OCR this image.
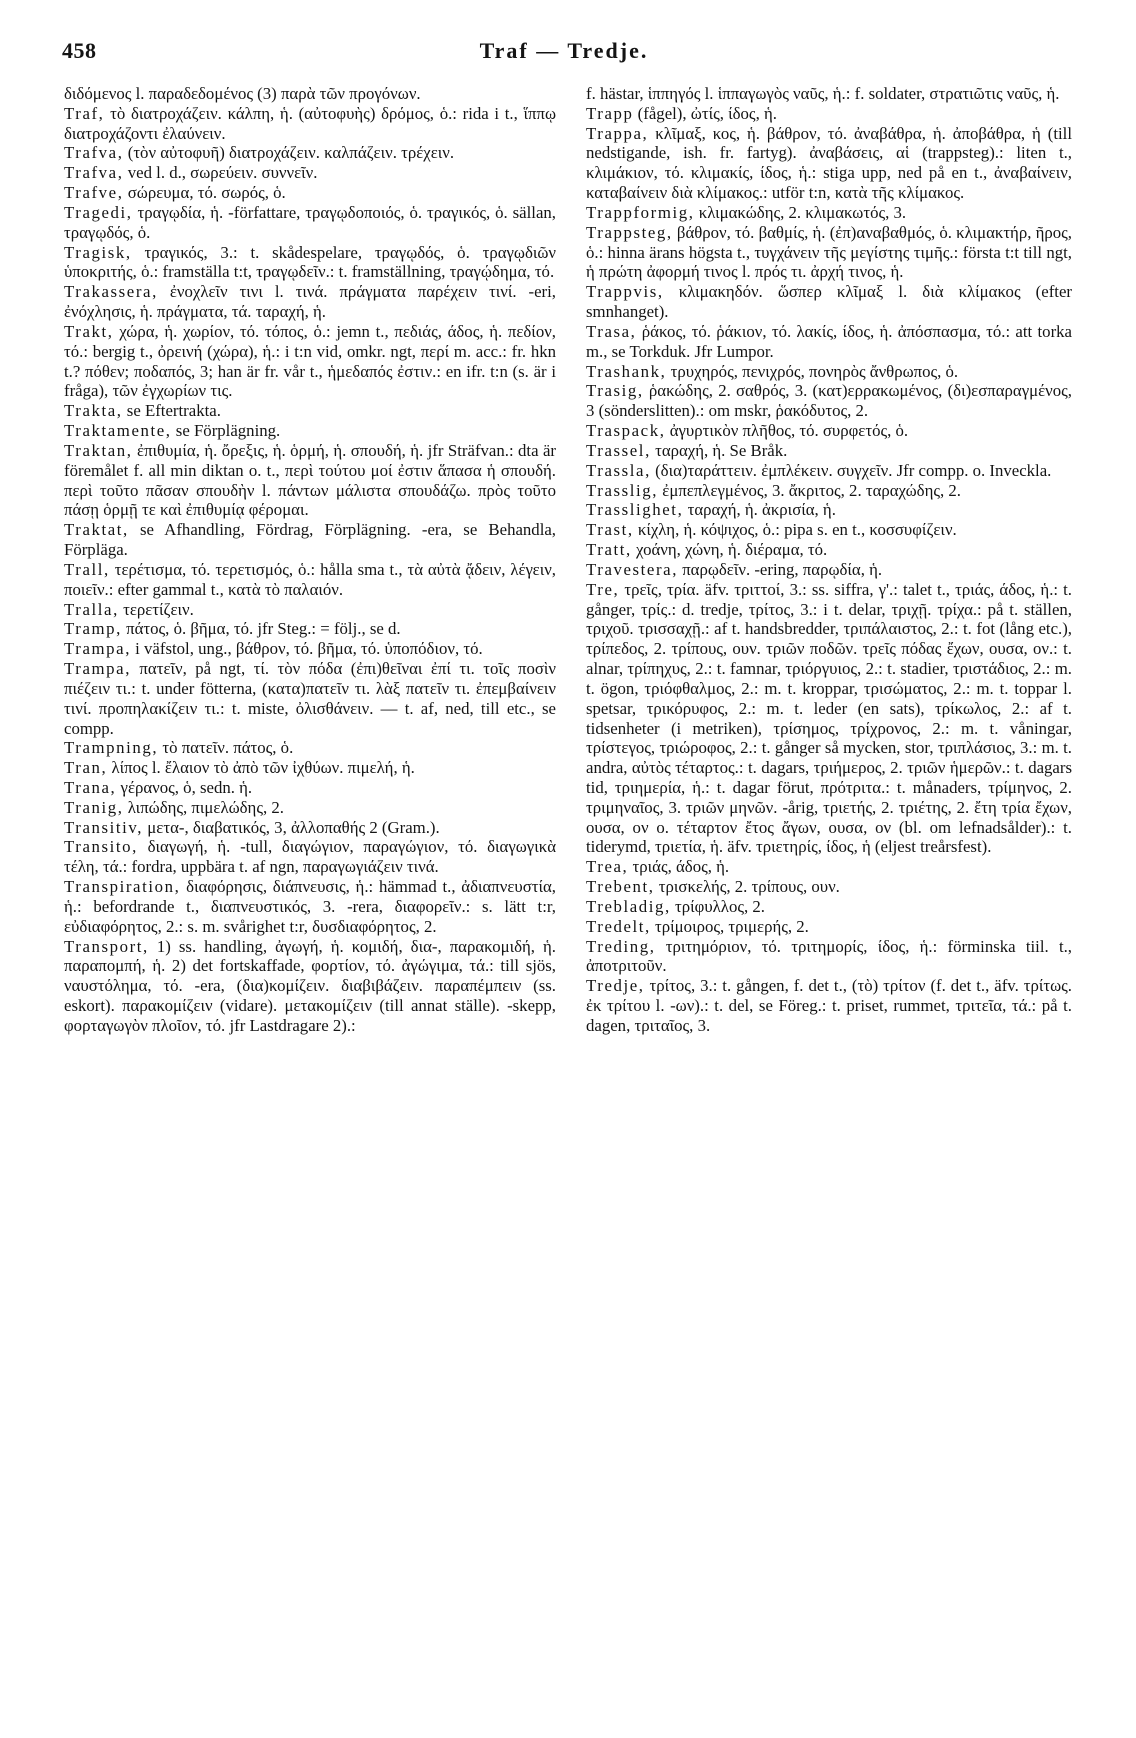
458	Traf — Tredje.

διδόμενος l. παραδεδομένος (3) παρὰ τῶν προγόνων.

Traf, τὸ διατροχάζειν. κάλπη, ἡ. (αὐτοφυὴς) δρόμος, ὁ.: rida i t., ἵππῳ διατροχάζοντι ἐλαύνειν.

Trafva, (τὸν αὐτοφυῆ) διατροχάζειν. καλπάζειν. τρέχειν.

Trafva, ved l. d., σωρεύειν. συννεῖν.

Trafve, σώρευμα, τό. σωρός, ὁ.

Tragedi, τραγῳδία, ἡ. -författare, τραγῳδοποιός, ὁ. τραγικός, ὁ. sällan, τραγῳδός, ὁ.

Tragisk, τραγικός, 3.: t. skådespelare, τραγῳδός, ὁ. τραγῳδιῶν ὑποκριτής, ὁ.: framställa t:t, τραγῳδεῖν.: t. framställning, τραγῴδημα, τό.

Trakassera, ἐνοχλεῖν τινι l. τινά. πράγματα παρέχειν τινί. -eri, ἐνόχλησις, ἡ. πράγματα, τά. ταραχή, ἡ.

Trakt, χώρα, ἡ. χωρίον, τό. τόπος, ὁ.: jemn t., πεδιάς, άδος, ἡ. πεδίον, τό.: bergig t., ὀρεινή (χώρα), ἡ.: i t:n vid, omkr. ngt, περί m. acc.: fr. hkn t.? πόθεν; ποδαπός, 3; han är fr. vår t., ἡμεδαπός ἐστιν.: en ifr. t:n (s. är i fråga), τῶν ἐγχωρίων τις.

Trakta, se Eftertrakta.

Traktamente, se Förplägning.

Traktan, ἐπιθυμία, ἡ. ὄρεξις, ἡ. ὁρμή, ἡ. σπουδή, ἡ. jfr Sträfvan.: dta är föremålet f. all min diktan o. t., περὶ τούτου μοί ἐστιν ἅπασα ἡ σπουδή. περὶ τοῦτο πᾶσαν σπουδὴν l. πάντων μάλιστα σπουδάζω. πρὸς τοῦτο πάσῃ ὁρμῇ τε καὶ ἐπιθυμίᾳ φέρομαι.

Traktat, se Afhandling, Fördrag, Förplägning. -era, se Behandla, Förpläga.

Trall, τερέτισμα, τό. τερετισμός, ὁ.: hålla sma t., τὰ αὐτὰ ᾄδειν, λέγειν, ποιεῖν.: efter gammal t., κατὰ τὸ παλαιόν.

Tralla, τερετίζειν.

Tramp, πάτος, ὁ. βῆμα, τό. jfr Steg.: = följ., se d.

Trampa, i väfstol, ung., βάθρον, τό. βῆμα, τό. ὑποπόδιον, τό.

Trampa, πατεῖν, på ngt, τί. τὸν πόδα (ἐπι)θεῖναι ἐπί τι. τοῖς ποσὶν πιέζειν τι.: t. under fötterna, (κατα)πατεῖν τι. λὰξ πατεῖν τι. ἐπεμβαίνειν τινί. προπηλακίζειν τι.: t. miste, ὀλισθάνειν. — t. af, ned, till etc., se compp.

Trampning, τὸ πατεῖν. πάτος, ὁ.

Tran, λίπος l. ἔλαιον τὸ ἀπὸ τῶν ἰχθύων. πιμελή, ἡ.

Trana, γέρανος, ὁ, sedn. ἡ.

Tranig, λιπώδης, πιμελώδης, 2.

Transitiv, μετα-, διαβατικός, 3, ἀλλοπαθής 2 (Gram.).

Transito, διαγωγή, ἡ. -tull, διαγώγιον, παραγώγιον, τό. διαγωγικὰ τέλη, τά.: fordra, uppbära t. af ngn, παραγωγιάζειν τινά.

Transpiration, διαφόρησις, διάπνευσις, ἡ.: hämmad t., ἀδιαπνευστία, ἡ.: befordrande t., διαπνευστικός, 3. -rera, διαφορεῖν.: s. lätt t:r, εὐδιαφόρητος, 2.: s. m. svårighet t:r, δυσδιαφόρητος, 2.

Transport, 1) ss. handling, ἀγωγή, ἡ. κομιδή, δια-, παρακομιδή, ἡ. παραπομπή, ἡ. 2) det fortskaffade, φορτίον, τό. ἀγώγιμα, τά.: till sjös, ναυστόλημα, τό. -era, (δια)κομίζειν. διαβιβάζειν. παραπέμπειν (ss. eskort). παρακομίζειν (vidare). μετακομίζειν (till annat ställe). -skepp, φορταγωγὸν πλοῖον, τό. jfr Lastdragare 2).:

f. hästar, ἱππηγός l. ἱππαγωγὸς ναῦς, ἡ.: f. soldater, στρατιῶτις ναῦς, ἡ.

Trapp (fågel), ὠτίς, ίδος, ἡ.

Trappa, κλῖμαξ, κος, ἡ. βάθρον, τό. ἀναβάθρα, ἡ. ἀποβάθρα, ἡ (till nedstigande, ish. fr. fartyg). ἀναβάσεις, αἱ (trappsteg).: liten t., κλιμάκιον, τό. κλιμακίς, ίδος, ἡ.: stiga upp, ned på en t., ἀναβαίνειν, καταβαίνειν διὰ κλίμακος.: utför t:n, κατὰ τῆς κλίμακος.

Trappformig, κλιμακώδης, 2. κλιμακωτός, 3.

Trappsteg, βάθρον, τό. βαθμίς, ἡ. (ἐπ)αναβαθμός, ὁ. κλιμακτήρ, ῆρος, ὁ.: hinna ärans högsta t., τυγχάνειν τῆς μεγίστης τιμῆς.: första t:t till ngt, ἡ πρώτη ἀφορμή τινος l. πρός τι. ἀρχή τινος, ἡ.

Trappvis, κλιμακηδόν. ὥσπερ κλῖμαξ l. διὰ κλίμακος (efter smnhanget).

Trasa, ῥάκος, τό. ῥάκιον, τό. λακίς, ίδος, ἡ. ἀπόσπασμα, τό.: att torka m., se Torkduk. Jfr Lumpor.

Trashank, τρυχηρός, πενιχρός, πονηρὸς ἄνθρωπος, ὁ.

Trasig, ῥακώδης, 2. σαθρός, 3. (κατ)ερρακωμένος, (δι)εσπαραγμένος, 3 (sönderslitten).: om mskr, ῥακόδυτος, 2.

Traspack, ἀγυρτικὸν πλῆθος, τό. συρφετός, ὁ.

Trassel, ταραχή, ἡ. Se Bråk.

Trassla, (δια)ταράττειν. ἐμπλέκειν. συγχεῖν. Jfr compp. o. Inveckla.

Trasslig, ἐμπεπλεγμένος, 3. ἄκριτος, 2. ταραχώδης, 2.

Trasslighet, ταραχή, ἡ. ἀκρισία, ἡ.

Trast, κίχλη, ἡ. κόψιχος, ὁ.: pipa s. en t., κοσσυφίζειν.

Tratt, χοάνη, χώνη, ἡ. διέραμα, τό.

Travestera, παρῳδεῖν. -ering, παρῳδία, ἡ.

Tre, τρεῖς, τρία. äfv. τριττοί, 3.: ss. siffra, γ'.: talet t., τριάς, άδος, ἡ.: t. gånger, τρίς.: d. tredje, τρίτος, 3.: i t. delar, τριχῇ. τρίχα.: på t. ställen, τριχοῦ. τρισσαχῇ.: af t. handsbredder, τριπάλαιστος, 2.: t. fot (lång etc.), τρίπεδος, 2. τρίπους, ουν. τριῶν ποδῶν. τρεῖς πόδας ἔχων, ουσα, ον.: t. alnar, τρίπηχυς, 2.: t. famnar, τριόργυιος, 2.: t. stadier, τριστάδιος, 2.: m. t. ögon, τριόφθαλμος, 2.: m. t. kroppar, τρισώματος, 2.: m. t. toppar l. spetsar, τρικόρυφος, 2.: m. t. leder (en sats), τρίκωλος, 2.: af t. tidsenheter (i metriken), τρίσημος, τρίχρονος, 2.: m. t. våningar, τρίστεγος, τριώροφος, 2.: t. gånger så mycken, stor, τριπλάσιος, 3.: m. t. andra, αὐτὸς τέταρτος.: t. dagars, τριήμερος, 2. τριῶν ἡμερῶν.: t. dagars tid, τριημερία, ἡ.: t. dagar förut, πρότριτα.: t. månaders, τρίμηνος, 2. τριμηναῖος, 3. τριῶν μηνῶν. -årig, τριετής, 2. τριέτης, 2. ἔτη τρία ἔχων, ουσα, ον o. τέταρτον ἔτος ἄγων, ουσα, ον (bl. om lefnadsålder).: t. tiderymd, τριετία, ἡ. äfv. τριετηρίς, ίδος, ἡ (eljest treårsfest).

Trea, τριάς, άδος, ἡ.

Trebent, τρισκελής, 2. τρίπους, ουν.

Trebladig, τρίφυλλος, 2.

Tredelt, τρίμοιρος, τριμερής, 2.

Treding, τριτημόριον, τό. τριτημορίς, ίδος, ἡ.: förminska tiil. t., ἀποτριτοῦν.

Tredje, τρίτος, 3.: t. gången, f. det t., (τὸ) τρίτον (f. det t., äfv. τρίτως. ἐκ τρίτου l. -ων).: t. del, se Föreg.: t. priset, rummet, τριτεῖα, τά.: på t. dagen, τριταῖος, 3.
